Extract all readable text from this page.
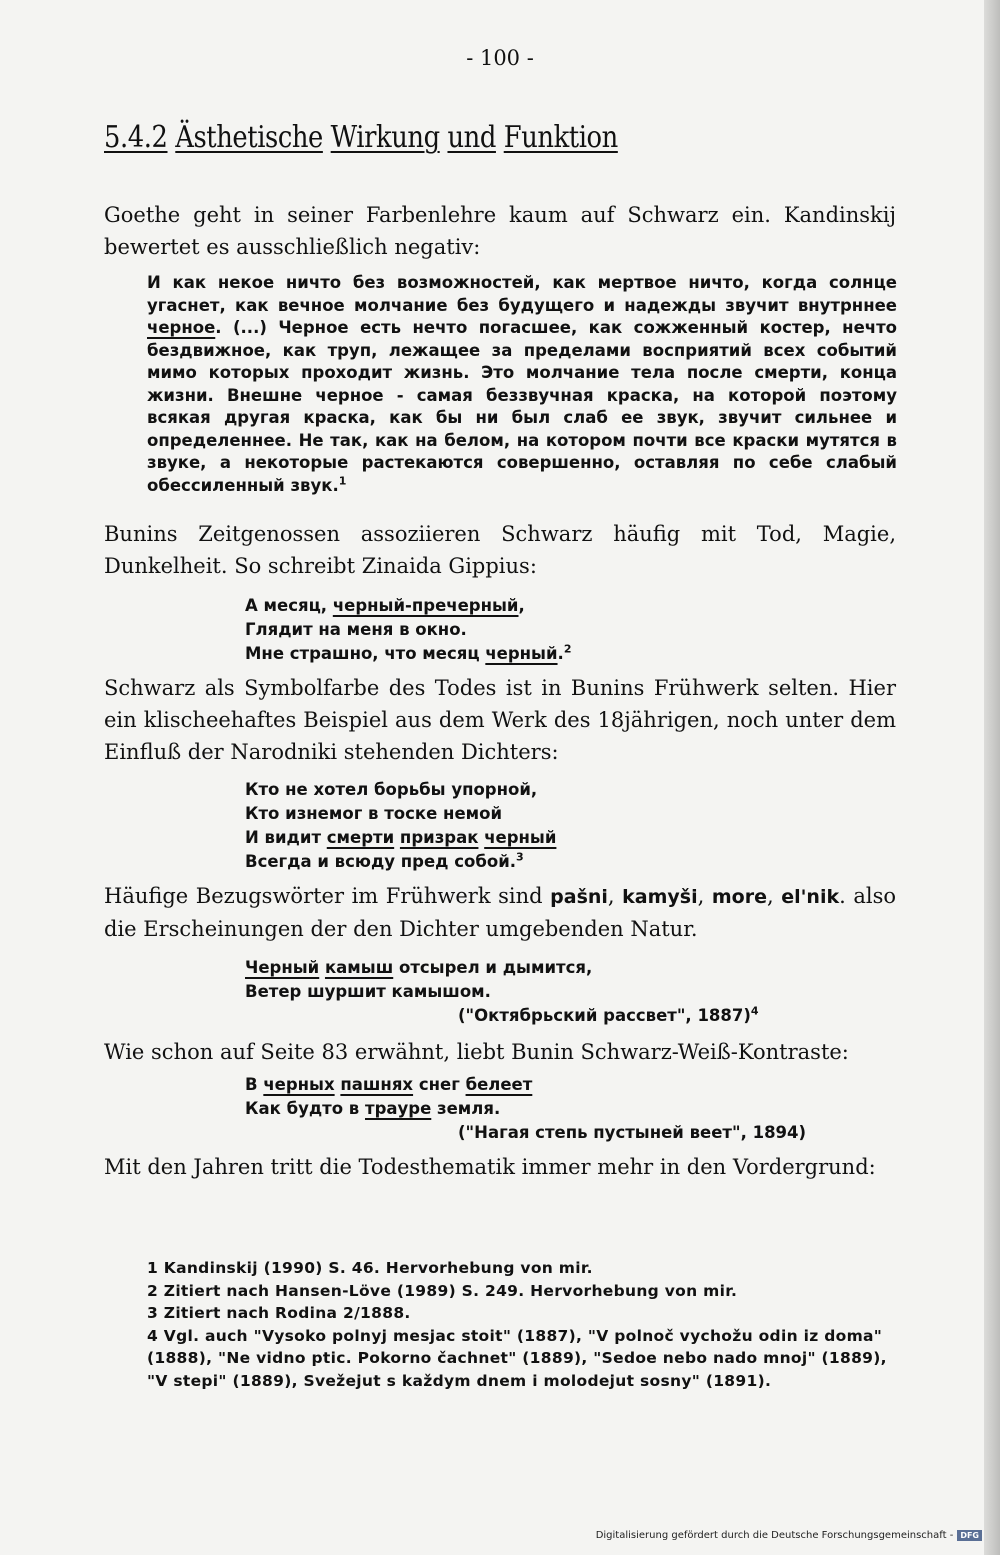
- 100 -
5.4.2 Ästhetische Wirkung und Funktion
Goethe geht in seiner Farbenlehre kaum auf Schwarz ein. Kandinskij bewertet es ausschließlich negativ:
И как некое ничто без возможностей, как мертвое ничто, когда солнце угаснет, как вечное молчание без будущего и надежды звучит внутрннее черное. (...) Черное есть нечто погасшее, как сожженный костер, нечто бездвижное, как труп, лежащее за пределами восприятий всех событий мимо которых проходит жизнь. Это молчание тела после смерти, конца жизни. Внешне черное - самая беззвучная краска, на которой поэтому всякая другая краска, как бы ни был слаб ее звук, звучит сильнее и определеннее. Не так, как на белом, на котором почти все краски мутятся в звуке, а некоторые растекаются совершенно, оставляя по себе слабый обессиленный звук.$^1$
Bunins Zeitgenossen assoziieren Schwarz häufig mit Tod, Magie, Dunkelheit. So schreibt Zinaida Gippius:
А месяц, черный-пречерный,
Глядит на меня в окно.
Мне страшно, что месяц черный.$^2$
Schwarz als Symbolfarbe des Todes ist in Bunins Frühwerk selten. Hier ein klischeehaftes Beispiel aus dem Werk des 18jährigen, noch unter dem Einfluß der Narodniki stehenden Dichters:
Кто не хотел борьбы упорной,
Кто изнемог в тоске немой
И видит смерти призрак черный
Всегда и всюду пред собой.$^3$
Häufige Bezugswörter im Frühwerk sind pašni, kamyši, more, el'nik. also die Erscheinungen der den Dichter umgebenden Natur.
Черный камыш отсырел и дымится,
Ветер шуршит камышом.
("Октябрьский рассвет", 1887)$^4$
Wie schon auf Seite 83 erwähnt, liebt Bunin Schwarz-Weiß-Kontraste:
В черных пашнях снег белеет
Как будто в трауре земля.
("Нагая степь пустыней веет", 1894)
Mit den Jahren tritt die Todesthematik immer mehr in den Vordergrund:
1 Kandinskij (1990) S. 46. Hervorhebung von mir.
2 Zitiert nach Hansen-Löve (1989) S. 249. Hervorhebung von mir.
3 Zitiert nach Rodina 2/1888.
4 Vgl. auch "Vysoko polnyj mesjac stoit" (1887), "V polnoč vychožu odin iz doma" (1888), "Ne vidno ptic. Pokorno čachnet" (1889), "Sedoe nebo nado mnoj" (1889), "V stepi" (1889), Svežejut s každym dnem i molodejut sosny" (1891).
Digitalisierung gefördert durch die Deutsche Forschungsgemeinschaft - DFG
